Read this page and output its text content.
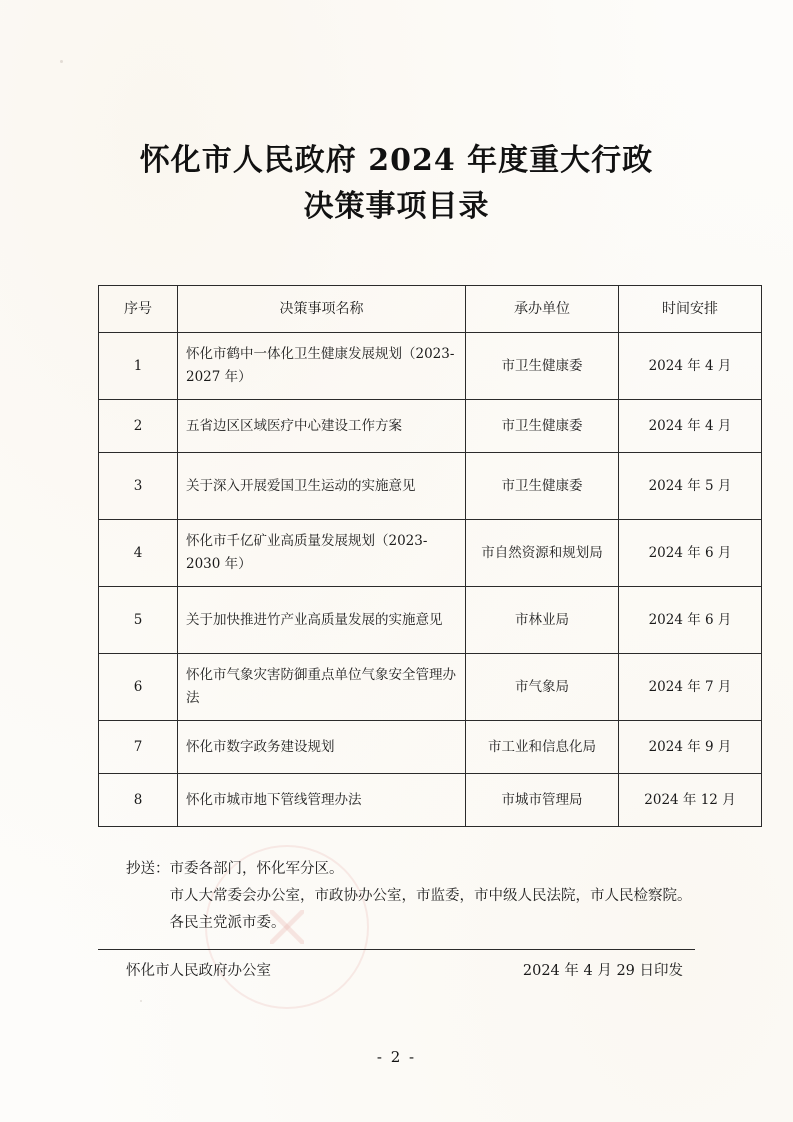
怀化市人民政府 2024 年度重大行政
决策事项目录
序号	决策事项名称	承办单位	时间安排
1	怀化市鹤中一体化卫生健康发展规划（2023-2027 年）	市卫生健康委	2024 年 4 月
2	五省边区区域医疗中心建设工作方案	市卫生健康委	2024 年 4 月
3	关于深入开展爱国卫生运动的实施意见	市卫生健康委	2024 年 5 月
4	怀化市千亿矿业高质量发展规划（2023-2030 年）	市自然资源和规划局	2024 年 6 月
5	关于加快推进竹产业高质量发展的实施意见	市林业局	2024 年 6 月
6	怀化市气象灾害防御重点单位气象安全管理办法	市气象局	2024 年 7 月
7	怀化市数字政务建设规划	市工业和信息化局	2024 年 9 月
8	怀化市城市地下管线管理办法	市城市管理局	2024 年 12 月
抄送： 市委各部门，怀化军分区。
市人大常委会办公室，市政协办公室，市监委，市中级人民法院，市人民检察院。
各民主党派市委。
怀化市人民政府办公室	2024 年 4 月 29 日印发
- 2 -
